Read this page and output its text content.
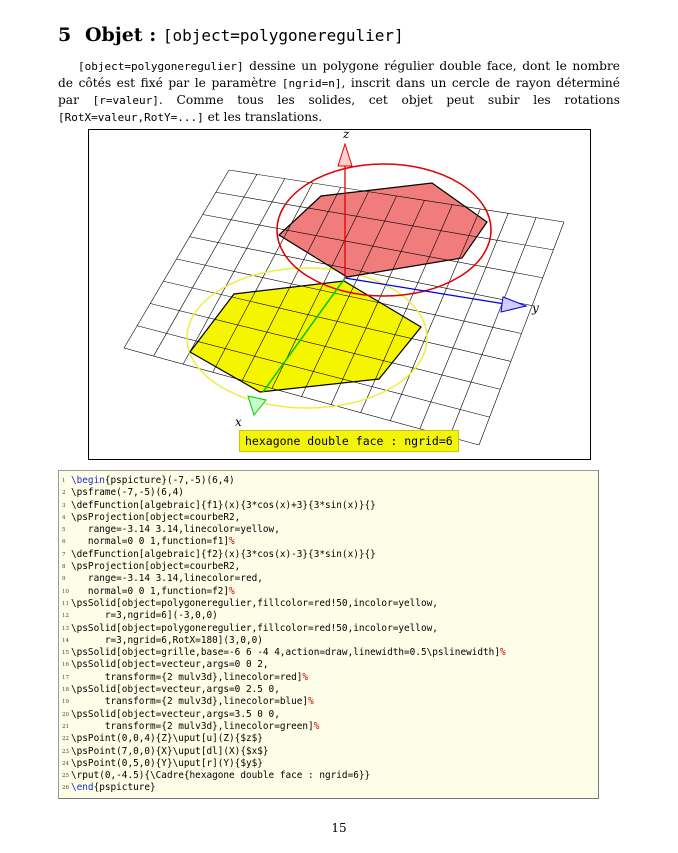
5 Objet : [object=polygoneregulier]
[object=polygoneregulier] dessine un polygone régulier double face, dont le nombre de côtés est fixé par le paramètre [ngrid=n], inscrit dans un cercle de rayon déterminé par [r=valeur]. Comme tous les solides, cet objet peut subir les rotations [RotX=valeur,RotY=...] et les translations.
z
y
x
hexagone double face : ngrid=6
1 \begin{pspicture}(-7,-5)(6,4)
2 \psframe(-7,-5)(6,4)
3 \defFunction[algebraic]{f1}(x){3*cos(x)+3}{3*sin(x)}{}
4 \psProjection[object=courbeR2,
5 range=-3.14 3.14,linecolor=yellow,
6 normal=0 0 1,function=f1]%
7 \defFunction[algebraic]{f2}(x){3*cos(x)-3}{3*sin(x)}{}
8 \psProjection[object=courbeR2,
9 range=-3.14 3.14,linecolor=red,
10 normal=0 0 1,function=f2]%
11 \psSolid[object=polygoneregulier,fillcolor=red!50,incolor=yellow,
12 r=3,ngrid=6](-3,0,0)
13 \psSolid[object=polygoneregulier,fillcolor=red!50,incolor=yellow,
14 r=3,ngrid=6,RotX=180](3,0,0)
15 \psSolid[object=grille,base=-6 6 -4 4,action=draw,linewidth=0.5\pslinewidth]%
16 \psSolid[object=vecteur,args=0 0 2,
17 transform={2 mulv3d},linecolor=red]%
18 \psSolid[object=vecteur,args=0 2.5 0,
19 transform={2 mulv3d},linecolor=blue]%
20 \psSolid[object=vecteur,args=3.5 0 0,
21 transform={2 mulv3d},linecolor=green]%
22 \psPoint(0,0,4){Z}\uput[u](Z){$z$}
23 \psPoint(7,0,0){X}\uput[dl](X){$x$}
24 \psPoint(0,5,0){Y}\uput[r](Y){$y$}
25 \rput(0,-4.5){\Cadre{hexagone double face : ngrid=6}}
26 \end{pspicture}
15
